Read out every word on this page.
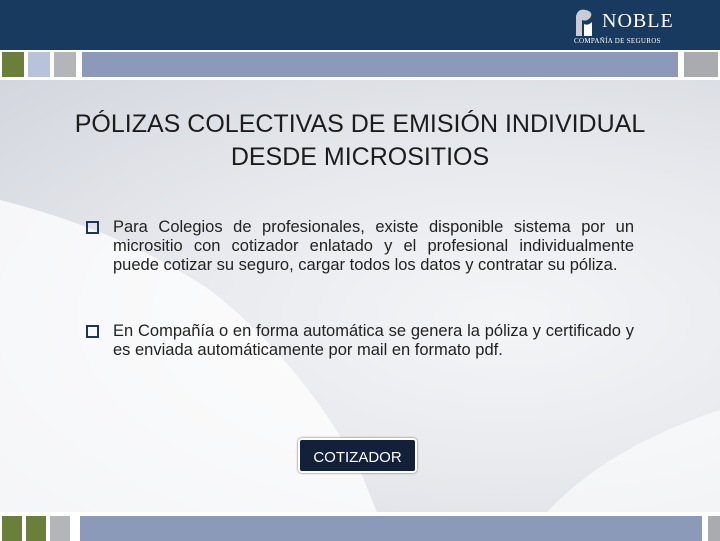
NOBLE
COMPAÑÍA DE SEGUROS
PÓLIZAS COLECTIVAS DE EMISIÓN INDIVIDUAL DESDE MICROSITIOS

Para Colegios de profesionales, existe disponible sistema por un micrositio con cotizador enlatado y el profesional individualmente puede cotizar su seguro, cargar todos los datos y contratar su póliza.

En Compañía o en forma automática se genera la póliza y certificado y es enviada automáticamente por mail en formato pdf.

COTIZADOR
